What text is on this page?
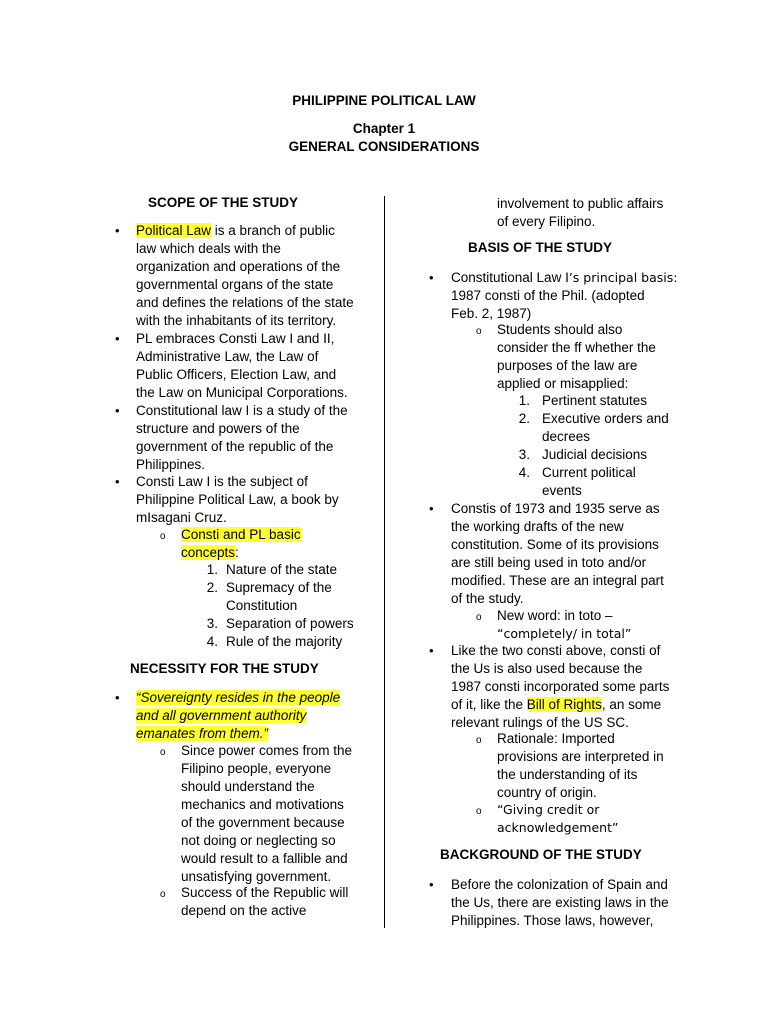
PHILIPPINE POLITICAL LAW
Chapter 1
GENERAL CONSIDERATIONS
SCOPE OF THE STUDY
• Political Law is a branch of public
law which deals with the
organization and operations of the
governmental organs of the state
and defines the relations of the state
with the inhabitants of its territory.
• PL embraces Consti Law I and II,
Administrative Law, the Law of
Public Officers, Election Law, and
the Law on Municipal Corporations.
• Constitutional law I is a study of the
structure and powers of the
government of the republic of the
Philippines.
• Consti Law I is the subject of
Philippine Political Law, a book by
mIsagani Cruz.
o Consti and PL basic
concepts:
1. Nature of the state
2. Supremacy of the
Constitution
3. Separation of powers
4. Rule of the majority
NECESSITY FOR THE STUDY
• “Sovereignty resides in the people
and all government authority
emanates from them.”
o Since power comes from the
Filipino people, everyone
should understand the
mechanics and motivations
of the government because
not doing or neglecting so
would result to a fallible and
unsatisfying government.
o Success of the Republic will
depend on the active
involvement to public affairs
of every Filipino.
BASIS OF THE STUDY
• Constitutional Law I’s principal basis:
1987 consti of the Phil. (adopted
Feb. 2, 1987)
o Students should also
consider the ff whether the
purposes of the law are
applied or misapplied:
1. Pertinent statutes
2. Executive orders and
decrees
3. Judicial decisions
4. Current political
events
• Constis of 1973 and 1935 serve as
the working drafts of the new
constitution. Some of its provisions
are still being used in toto and/or
modified. These are an integral part
of the study.
o New word: in toto –
“completely/ in total”
• Like the two consti above, consti of
the Us is also used because the
1987 consti incorporated some parts
of it, like the Bill of Rights, an some
relevant rulings of the US SC.
o Rationale: Imported
provisions are interpreted in
the understanding of its
country of origin.
o “Giving credit or
acknowledgement”
BACKGROUND OF THE STUDY
• Before the colonization of Spain and
the Us, there are existing laws in the
Philippines. Those laws, however,
